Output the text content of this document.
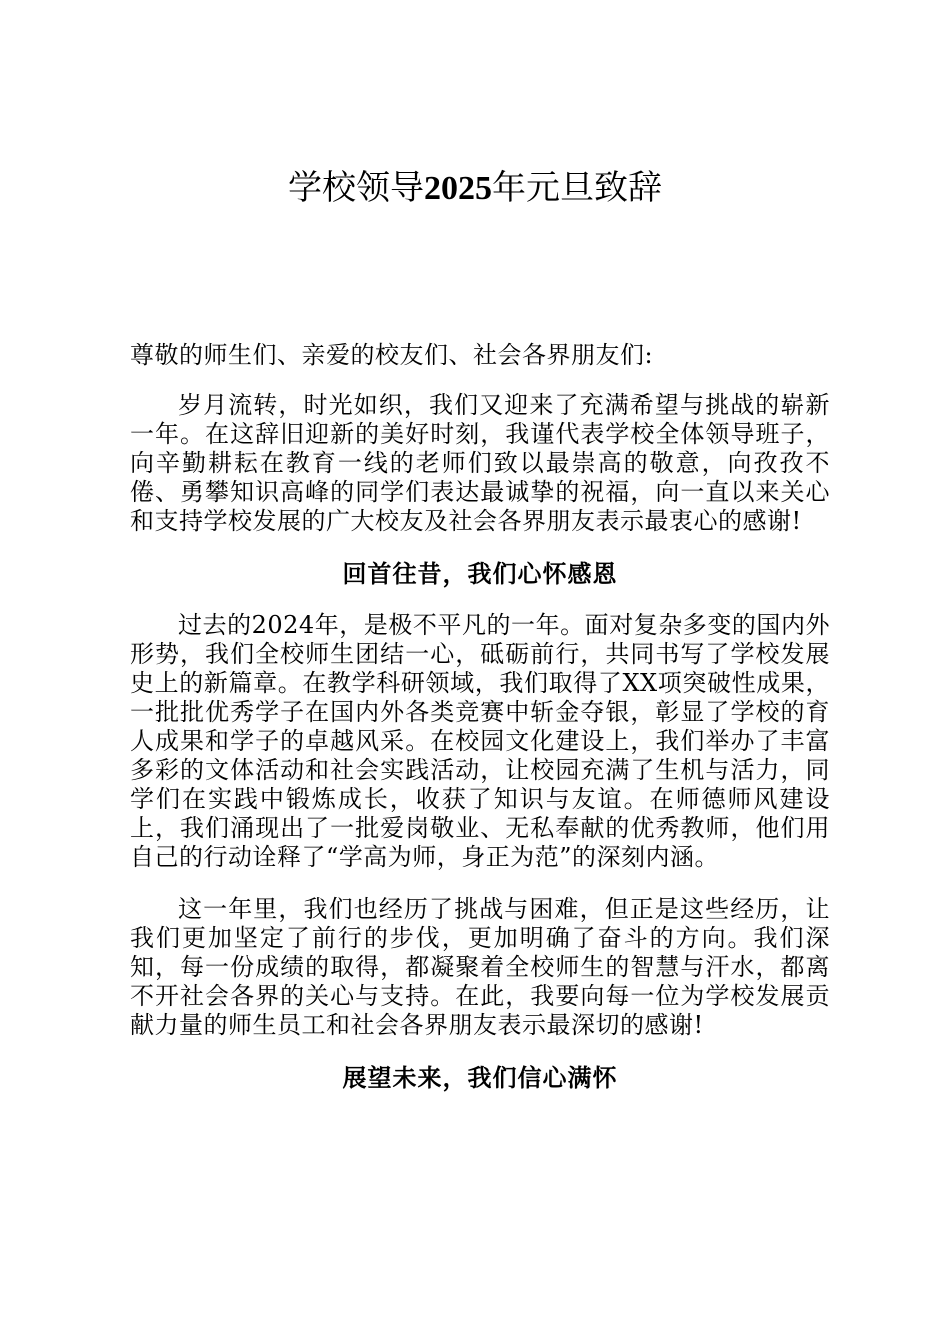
学校领导2025年元旦致辞

尊敬的师生们、亲爱的校友们、社会各界朋友们:

岁月流转，时光如织，我们又迎来了充满希望与挑战的崭新一年。在这辞旧迎新的美好时刻，我谨代表学校全体领导班子，向辛勤耕耘在教育一线的老师们致以最崇高的敬意，向孜孜不倦、勇攀知识高峰的同学们表达最诚挚的祝福，向一直以来关心和支持学校发展的广大校友及社会各界朋友表示最衷心的感谢!

回首往昔，我们心怀感恩

过去的2024年，是极不平凡的一年。面对复杂多变的国内外形势，我们全校师生团结一心，砥砺前行，共同书写了学校发展史上的新篇章。在教学科研领域，我们取得了XX项突破性成果，一批批优秀学子在国内外各类竞赛中斩金夺银，彰显了学校的育人成果和学子的卓越风采。在校园文化建设上，我们举办了丰富多彩的文体活动和社会实践活动，让校园充满了生机与活力，同学们在实践中锻炼成长，收获了知识与友谊。在师德师风建设上，我们涌现出了一批爱岗敬业、无私奉献的优秀教师，他们用自己的行动诠释了“学高为师，身正为范”的深刻内涵。

这一年里，我们也经历了挑战与困难，但正是这些经历，让我们更加坚定了前行的步伐，更加明确了奋斗的方向。我们深知，每一份成绩的取得，都凝聚着全校师生的智慧与汗水，都离不开社会各界的关心与支持。在此，我要向每一位为学校发展贡献力量的师生员工和社会各界朋友表示最深切的感谢!

展望未来，我们信心满怀
